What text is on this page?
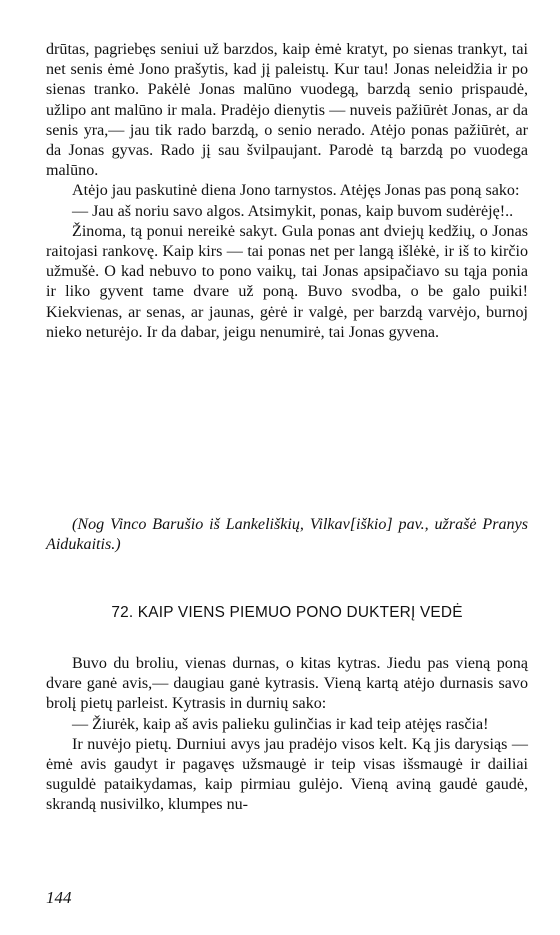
drūtas, pagriebęs seniui už barzdos, kaip ėmė kratyt, po sienas trankyt, tai net senis ėmė Jono prašytis, kad jį paleistų. Kur tau! Jonas neleidžia ir po sienas tranko. Pakėlė Jonas malūno vuodegą, barzdą senio prispaudė, užlipo ant malūno ir mala. Pradėjo dienytis — nuveis pažiūrėt Jonas, ar da senis yra,— jau tik rado barzdą, o senio nerado. Atėjo ponas pažiūrėt, ar da Jonas gyvas. Rado jį sau švilpaujant. Parodė tą barzdą po vuodega malūno.

Atėjo jau paskutinė diena Jono tarnystos. Atėjęs Jonas pas poną sako:

— Jau aš noriu savo algos. Atsimykit, ponas, kaip buvom sudėrėję!..

Žinoma, tą ponui nereikė sakyt. Gula ponas ant dviejų kedžių, o Jonas raitojasi rankovę. Kaip kirs — tai ponas net per langą išlėkė, ir iš to kirčio užmušė. O kad nebuvo to pono vaikų, tai Jonas apsipačiavo su tąja ponia ir liko gyvent tame dvare už poną. Buvo svodba, o be galo puiki! Kiekvienas, ar senas, ar jaunas, gėrė ir valgė, per barzdą varvėjo, burnoj nieko neturėjo. Ir da dabar, jeigu nenumirė, tai Jonas gyvena.

(Nog Vinco Barušio iš Lankeliškių, Vilkav[iškio] pav., užrašė Pranys Aidukaitis.)

72. KAIP VIENS PIEMUO PONO DUKTERĮ VEDĖ

Buvo du broliu, vienas durnas, o kitas kytras. Jiedu pas vieną poną dvare ganė avis,— daugiau ganė kytrasis. Vieną kartą atėjo durnasis savo brolį pietų parleist. Kytrasis in durnių sako:

— Žiurėk, kaip aš avis palieku gulinčias ir kad teip atėjęs rasčia!

Ir nuvėjo pietų. Durniui avys jau pradėjo visos kelt. Ką jis darysiąs — ėmė avis gaudyt ir pagavęs užsmaugė ir teip visas išsmaugė ir dailiai suguldė pataikydamas, kaip pirmiau gulėjo. Vieną aviną gaudė gaudė, skrandą nusivilko, klumpes nu-

144
